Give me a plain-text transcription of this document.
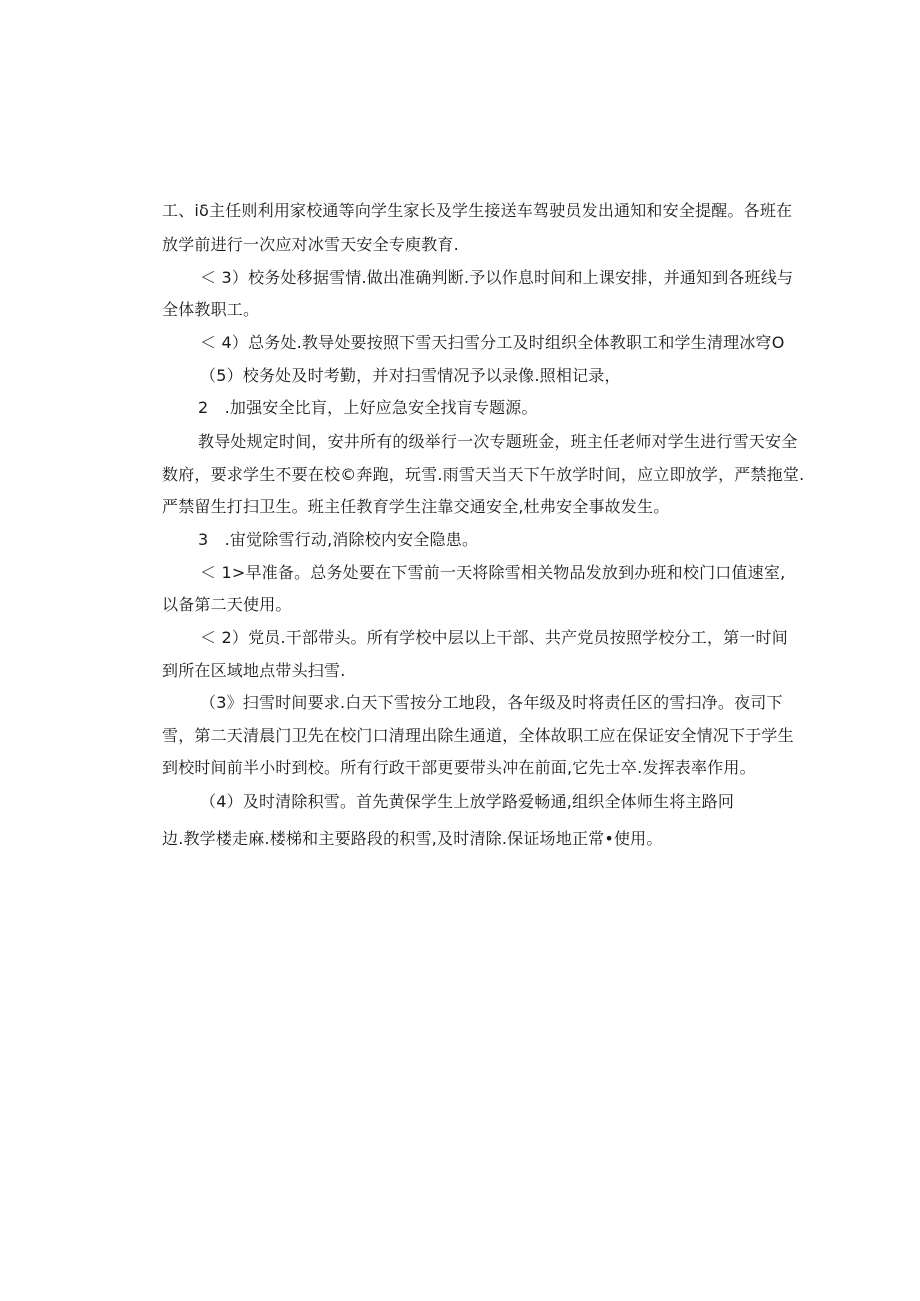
工、iδ主任则利用家校通等向学生家长及学生接送车驾驶员发出通知和安全提醒。各班在

放学前进行一次应对冰雪天安全专庾教育.

＜ 3）校务处移据雪情.做出准确判断.予以作息时间和上课安排，并通知到各班线与

全体教职工。

＜ 4）总务处.教导处要按照下雪天扫雪分工及时组织全体教职工和学生清理冰穹O

（5）校务处及时考勤，并对扫雪情况予以录像.照相记录，

2　.加强安全比肓，上好应急安全找肓专题源。

教导处规定时间，安井所有的级举行一次专题班金，班主任老师对学生进行雪天安全

数府，要求学生不要在校©奔跑，玩雪.雨雪天当天下午放学时间，应立即放学，严禁拖堂.

严禁留生打扫卫生。班主任教育学生注靠交通安全,杜弗安全事故发生。

3　.宙觉除雪行动,消除校内安全隐患。

＜ 1>早准备。总务处要在下雪前一天将除雪相关物品发放到办班和校门口值速室,

以备第二天使用。

＜ 2）党员.干部带头。所有学校中层以上干部、共产党员按照学校分工，第一时间

到所在区域地点带头扫雪.

（3》扫雪时间要求.白天下雪按分工地段，各年级及时将责任区的雪扫净。夜司下

雪，第二天清晨门卫先在校门口清理出除生通道，全体故职工应在保证安全情况下于学生

到校时间前半小时到校。所有行政干部更要带头冲在前面,它先士卒.发挥表率作用。

（4）及时清除积雪。首先黄保学生上放学路爱畅通,组织全体师生将主路冋

边.教学楼走麻.楼梯和主要路段的积雪,及时清除.保证场地正常•使用。
